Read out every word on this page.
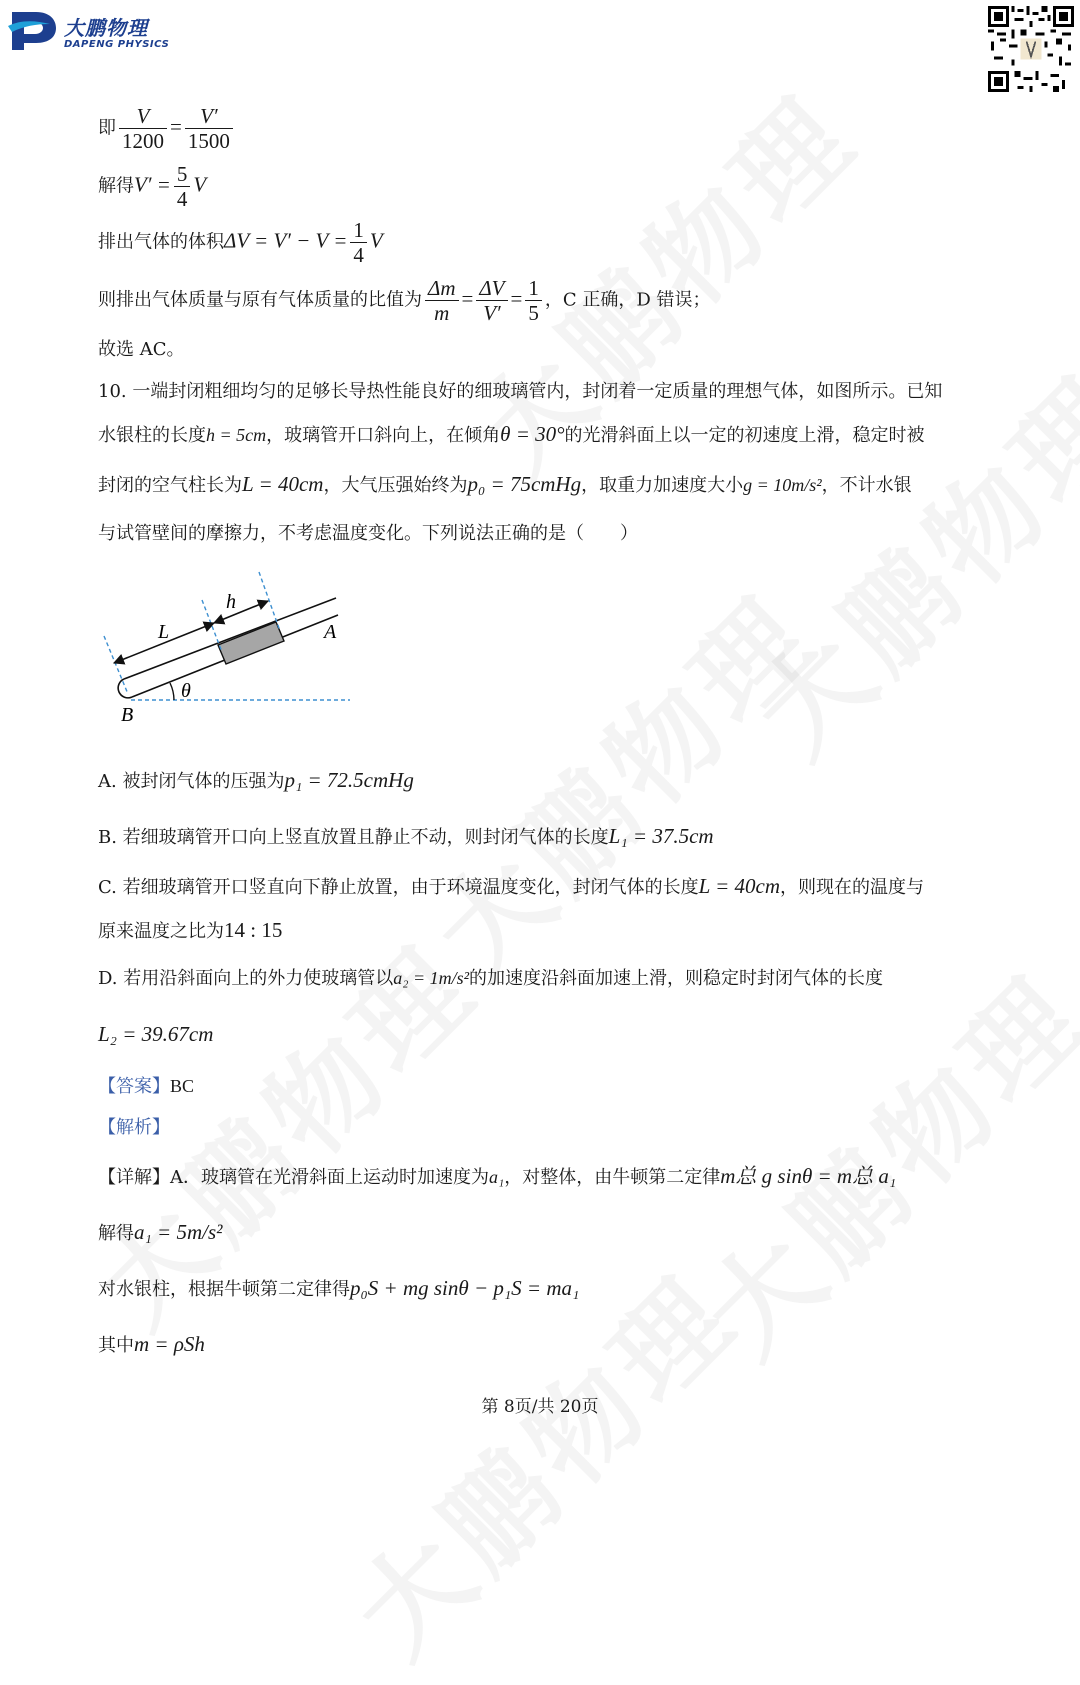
大鹏物理
DAPENG PHYSICS
即 $\frac{V}{1200} = \frac{V'}{1500}$
解得$V' = \frac{5}{4}$ V
排出气体的体积$\Delta V = V' - V = \frac{1}{4}$ V
则排出气体质量与原有气体质量的比值为 $\frac{\Delta m}{m} = \frac{\Delta V}{V'} = \frac{1}{5}$ ，C 正确，D 错误；
故选 AC。
10. 一端封闭粗细均匀的足够长导热性能良好的细玻璃管内，封闭着一定质量的理想气体，如图所示。已知
水银柱的长度h = 5cm，玻璃管开口斜向上，在倾角θ = 30°的光滑斜面上以一定的初速度上滑，稳定时被
封闭的空气柱长为L = 40cm，大气压强始终为p₀ = 75cmHg，取重力加速度大小g = 10m/s²，不计水银
与试管壁间的摩擦力，不考虑温度变化。下列说法正确的是（　　）
L
h
A
B
θ
A. 被封闭气体的压强为p₁ = 72.5cmHg
B. 若细玻璃管开口向上竖直放置且静止不动，则封闭气体的长度L₁ = 37.5cm
C. 若细玻璃管开口竖直向下静止放置，由于环境温度变化，封闭气体的长度L = 40cm，则现在的温度与
原来温度之比为14 : 15
D. 若用沿斜面向上的外力使玻璃管以a₂ = 1m/s²的加速度沿斜面加速上滑，则稳定时封闭气体的长度
L₂ = 39.67cm
【答案】BC
【解析】
【详解】A．玻璃管在光滑斜面上运动时加速度为a₁，对整体，由牛顿第二定律m总 g sinθ = m总 a₁
解得a₁ = 5m/s²
对水银柱，根据牛顿第二定律得p₀S + mg sinθ − p₁S = ma₁
其中m = ρSh
第 8页/共 20页
